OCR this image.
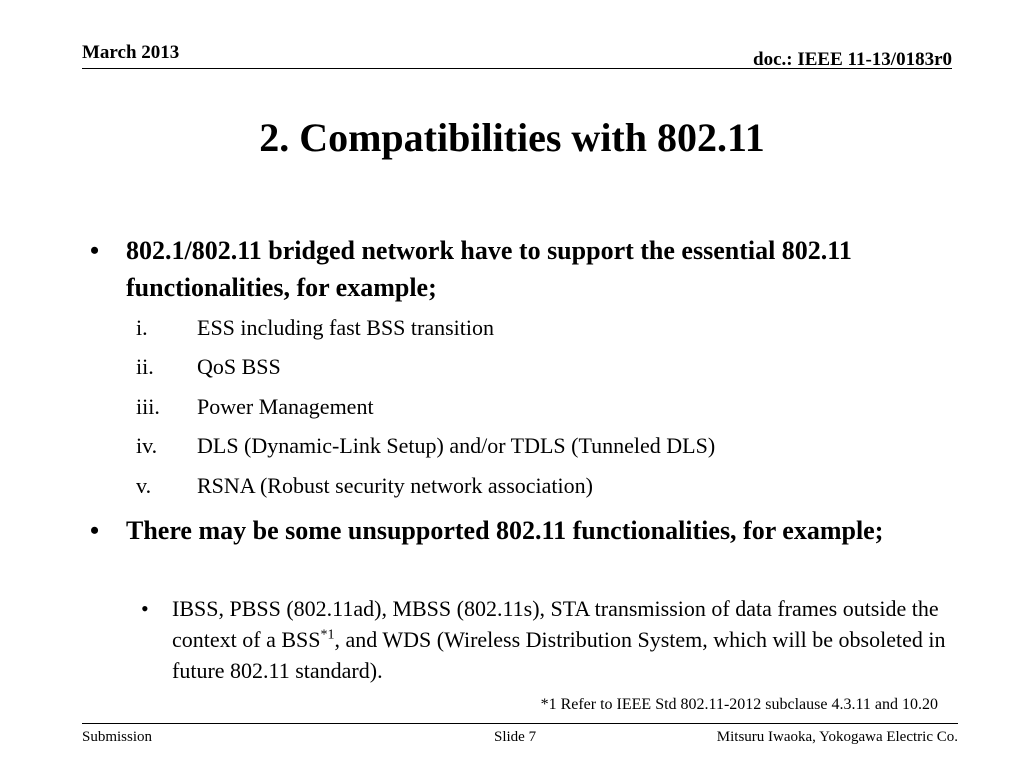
March 2013	doc.: IEEE 11-13/0183r0
2. Compatibilities with 802.11
•	802.1/802.11 bridged network have to support the essential 802.11 functionalities, for example;
i. ESS including fast BSS transition
ii. QoS BSS
iii. Power Management
iv. DLS (Dynamic-Link Setup) and/or TDLS (Tunneled DLS)
v. RSNA (Robust security network association)
•	There may be some unsupported 802.11 functionalities, for example;
• IBSS, PBSS (802.11ad), MBSS (802.11s), STA transmission of data frames outside the context of a BSS$^{*1}$, and WDS (Wireless Distribution System, which will be obsoleted in future 802.11 standard).
*1 Refer to IEEE Std 802.11-2012 subclause 4.3.11 and 10.20
Submission	Slide 7	Mitsuru Iwaoka, Yokogawa Electric Co.
